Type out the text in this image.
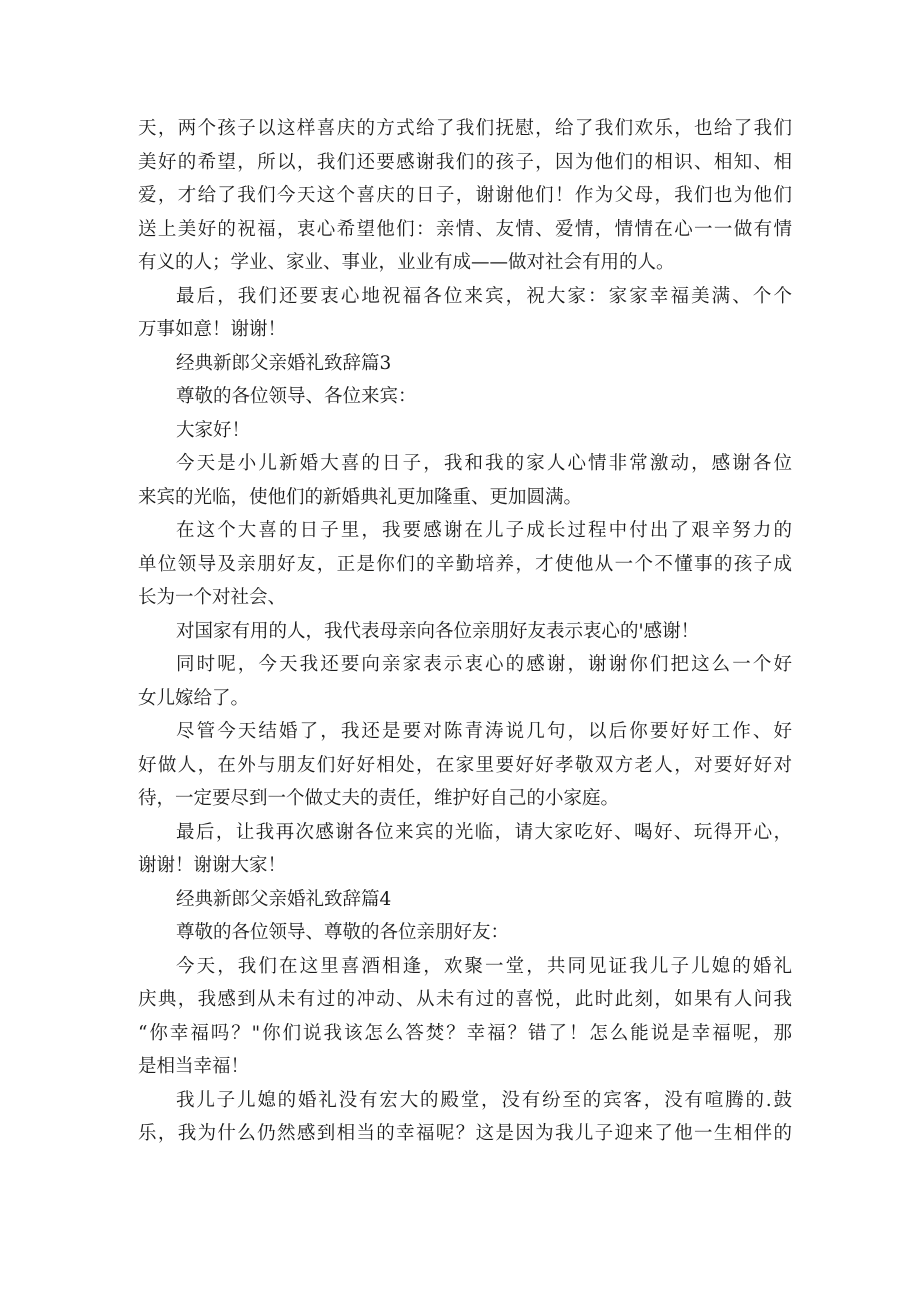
天，两个孩子以这样喜庆的方式给了我们抚慰，给了我们欢乐，也给了我们
美好的希望，所以，我们还要感谢我们的孩子，因为他们的相识、相知、相
爱，才给了我们今天这个喜庆的日子，谢谢他们！作为父母，我们也为他们
送上美好的祝福，衷心希望他们：亲情、友情、爱情，情情在心一一做有情
有义的人；学业、家业、事业，业业有成——做对社会有用的人。
最后，我们还要衷心地祝福各位来宾，祝大家：家家幸福美满、个个
万事如意！谢谢！
经典新郎父亲婚礼致辞篇3
尊敬的各位领导、各位来宾：
大家好！
今天是小儿新婚大喜的日子，我和我的家人心情非常激动，感谢各位
来宾的光临，使他们的新婚典礼更加隆重、更加圆满。
在这个大喜的日子里，我要感谢在儿子成长过程中付出了艰辛努力的
单位领导及亲朋好友，正是你们的辛勤培养，才使他从一个不懂事的孩子成
长为一个对社会、
对国家有用的人，我代表母亲向各位亲朋好友表示衷心的'感谢！
同时呢，今天我还要向亲家表示衷心的感谢，谢谢你们把这么一个好
女儿嫁给了。
尽管今天结婚了，我还是要对陈青涛说几句，以后你要好好工作、好
好做人，在外与朋友们好好相处，在家里要好好孝敬双方老人，对要好好对
待，一定要尽到一个做丈夫的责任，维护好自己的小家庭。
最后，让我再次感谢各位来宾的光临，请大家吃好、喝好、玩得开心，
谢谢！谢谢大家！
经典新郎父亲婚礼致辞篇4
尊敬的各位领导、尊敬的各位亲朋好友：
今天，我们在这里喜酒相逢，欢聚一堂，共同见证我儿子儿媳的婚礼
庆典，我感到从未有过的冲动、从未有过的喜悦，此时此刻，如果有人问我
“你幸福吗？"你们说我该怎么答焚？幸福？错了！怎么能说是幸福呢，那
是相当幸福！
我儿子儿媳的婚礼没有宏大的殿堂，没有纷至的宾客，没有喧腾的.鼓
乐，我为什么仍然感到相当的幸福呢？这是因为我儿子迎来了他一生相伴的
